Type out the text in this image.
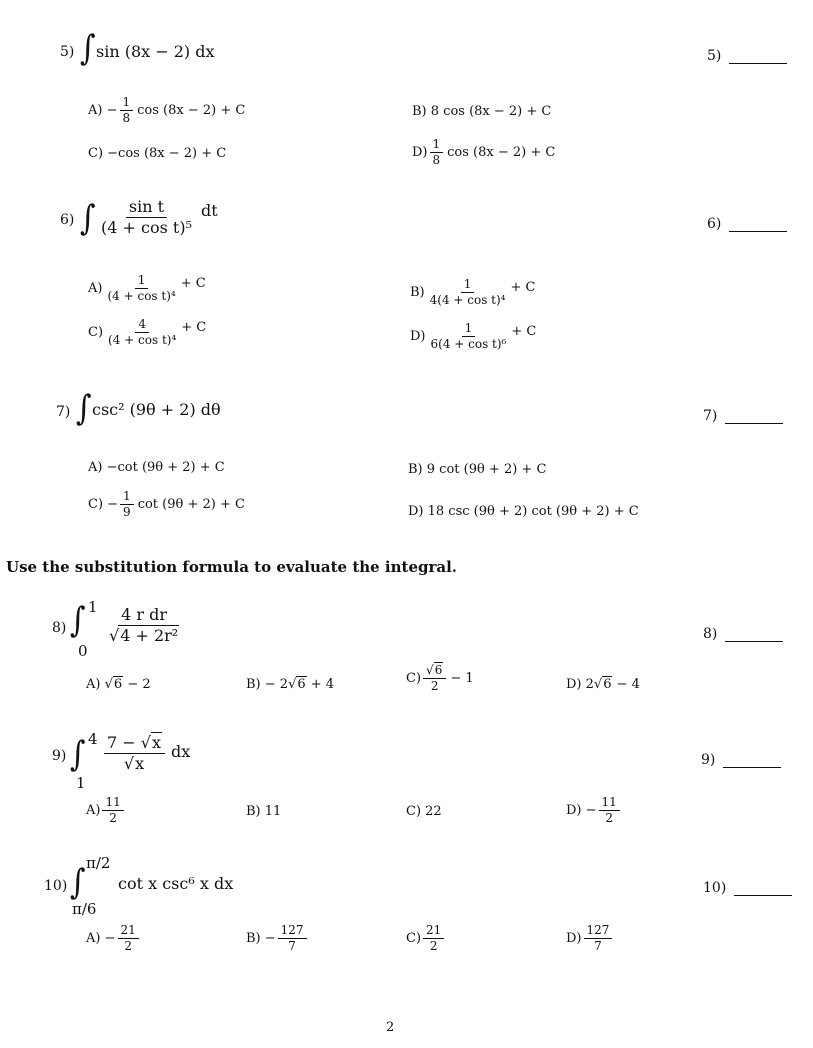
5) ∫ sin (8x − 2) dx	5)
$A) - \frac{1}{8}$ cos (8x − 2) + C	B) 8 cos (8x − 2) + C
C) −cos (8x − 2) + C	$D) \frac{1}{8}$ cos (8x − 2) + C
6) ∫ $\frac{\text{sin t}}{\text{(4 + cos t)⁵}}$ dt
6)
$A) \frac{1}{\text{(4 + cos t)⁴}} + C$
$B) \frac{1}{\text{4(4 + cos t)⁴}} + C$
$C) \frac{4}{\text{(4 + cos t)⁴}} + C$
$D) \frac{1}{\text{6(4 + cos t)⁶}} + C$
7) ∫ csc² (9θ + 2) dθ	7)
A) −cot (9θ + 2) + C	B) 9 cot (9θ + 2) + C
$C) - \frac{1}{9}$ cot (9θ + 2) + C	D) 18 csc (9θ + 2) cot (9θ + 2) + C
Use the substitution formula to evaluate the integral.
8) ∫ 1
0
$\frac{\text{4 r dr}}{\text{√4 + 2r²}}$	8)
A) √ 6
− 2	B) − 2 √ 6
+ 4	$C) \frac{√6}{2} - 1$	D) 2 √ 6
− 4
9) ∫ 4
1
$\frac{7 - √x}{√x}$ dx	9)
$A) \frac{11}{2}$	B) 11	C) 22	$D) - \frac{11}{2}$
10) ∫ π/2
π/6
cot x csc⁶ x dx	10)
$A) - \frac{21}{2}$	$B) - \frac{127}{7}$	$C) \frac{21}{2}$	$D) \frac{127}{7}$
2
